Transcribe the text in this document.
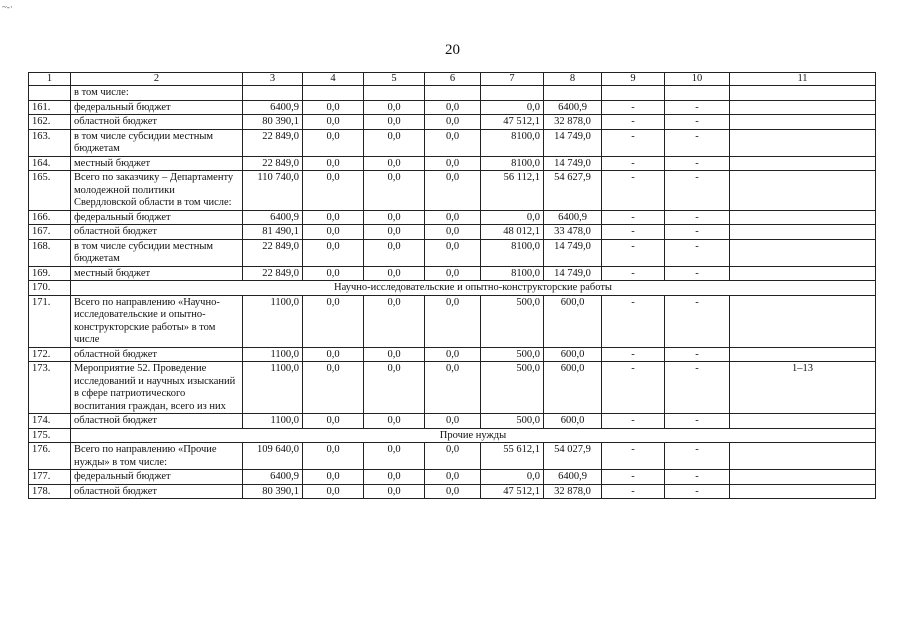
~-·
20
1	2	3	4	5	6	7	8	9	10	11
	в том числе:									
161.	федеральный бюджет	6400,9	0,0	0,0	0,0	0,0	6400,9	-	-	
162.	областной бюджет	80 390,1	0,0	0,0	0,0	47 512,1	32 878,0	-	-	
163.	в том числе субсидии местным бюджетам	22 849,0	0,0	0,0	0,0	8100,0	14 749,0	-	-	
164.	местный бюджет	22 849,0	0,0	0,0	0,0	8100,0	14 749,0	-	-	
165.	Всего по заказчику – Департаменту молодежной политики Свердловской области в том числе:	110 740,0	0,0	0,0	0,0	56 112,1	54 627,9	-	-	
166.	федеральный бюджет	6400,9	0,0	0,0	0,0	0,0	6400,9	-	-	
167.	областной бюджет	81 490,1	0,0	0,0	0,0	48 012,1	33 478,0	-	-	
168.	в том числе субсидии местным бюджетам	22 849,0	0,0	0,0	0,0	8100,0	14 749,0	-	-	
169.	местный бюджет	22 849,0	0,0	0,0	0,0	8100,0	14 749,0	-	-	
170.	Научно-исследовательские и опытно-конструкторские работы									
171.	Всего по направлению «Научно-исследовательские и опытно-конструкторские работы» в том числе	1100,0	0,0	0,0	0,0	500,0	600,0	-	-	
172.	областной бюджет	1100,0	0,0	0,0	0,0	500,0	600,0	-	-	
173.	Мероприятие 52. Проведение исследований и научных изысканий в сфере патриотического воспитания граждан, всего из них	1100,0	0,0	0,0	0,0	500,0	600,0	-	-	1–13
174.	областной бюджет	1100,0	0,0	0,0	0,0	500,0	600,0	-	-	
175.	Прочие нужды									
176.	Всего по направлению «Прочие нужды» в том числе:	109 640,0	0,0	0,0	0,0	55 612,1	54 027,9	-	-	
177.	федеральный бюджет	6400,9	0,0	0,0	0,0	0,0	6400,9	-	-	
178.	областной бюджет	80 390,1	0,0	0,0	0,0	47 512,1	32 878,0	-	-	
